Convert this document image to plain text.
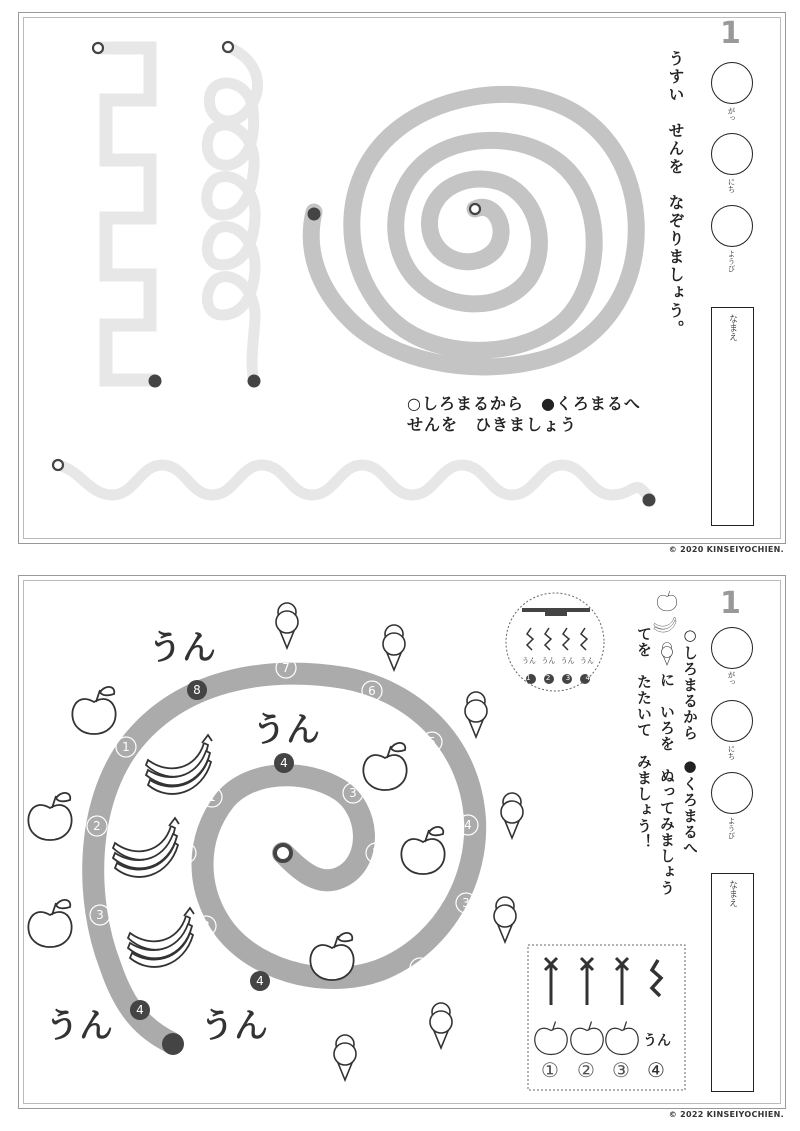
1
がっ
にち
ようび
なまえ
うすい　せんを　なぞりましょう。
○しろまるから　●くろまるへ
せんを　ひきましょう
© 2020 KINSEIYOCHIEN.
1
2
3
4
1
2
3
4
1
2
3
4
5
6
7
8
1
2
3
4
うん
うん
うん	うん
うん うん うん うん
1 2 3 4
うん
① ② ③ ④
1
がっ
にち
ようび
なまえ
○しろまるから　●くろまるへ
に　いろを　ぬってみましょう
てを　たたいて　みましょう！
© 2022 KINSEIYOCHIEN.
